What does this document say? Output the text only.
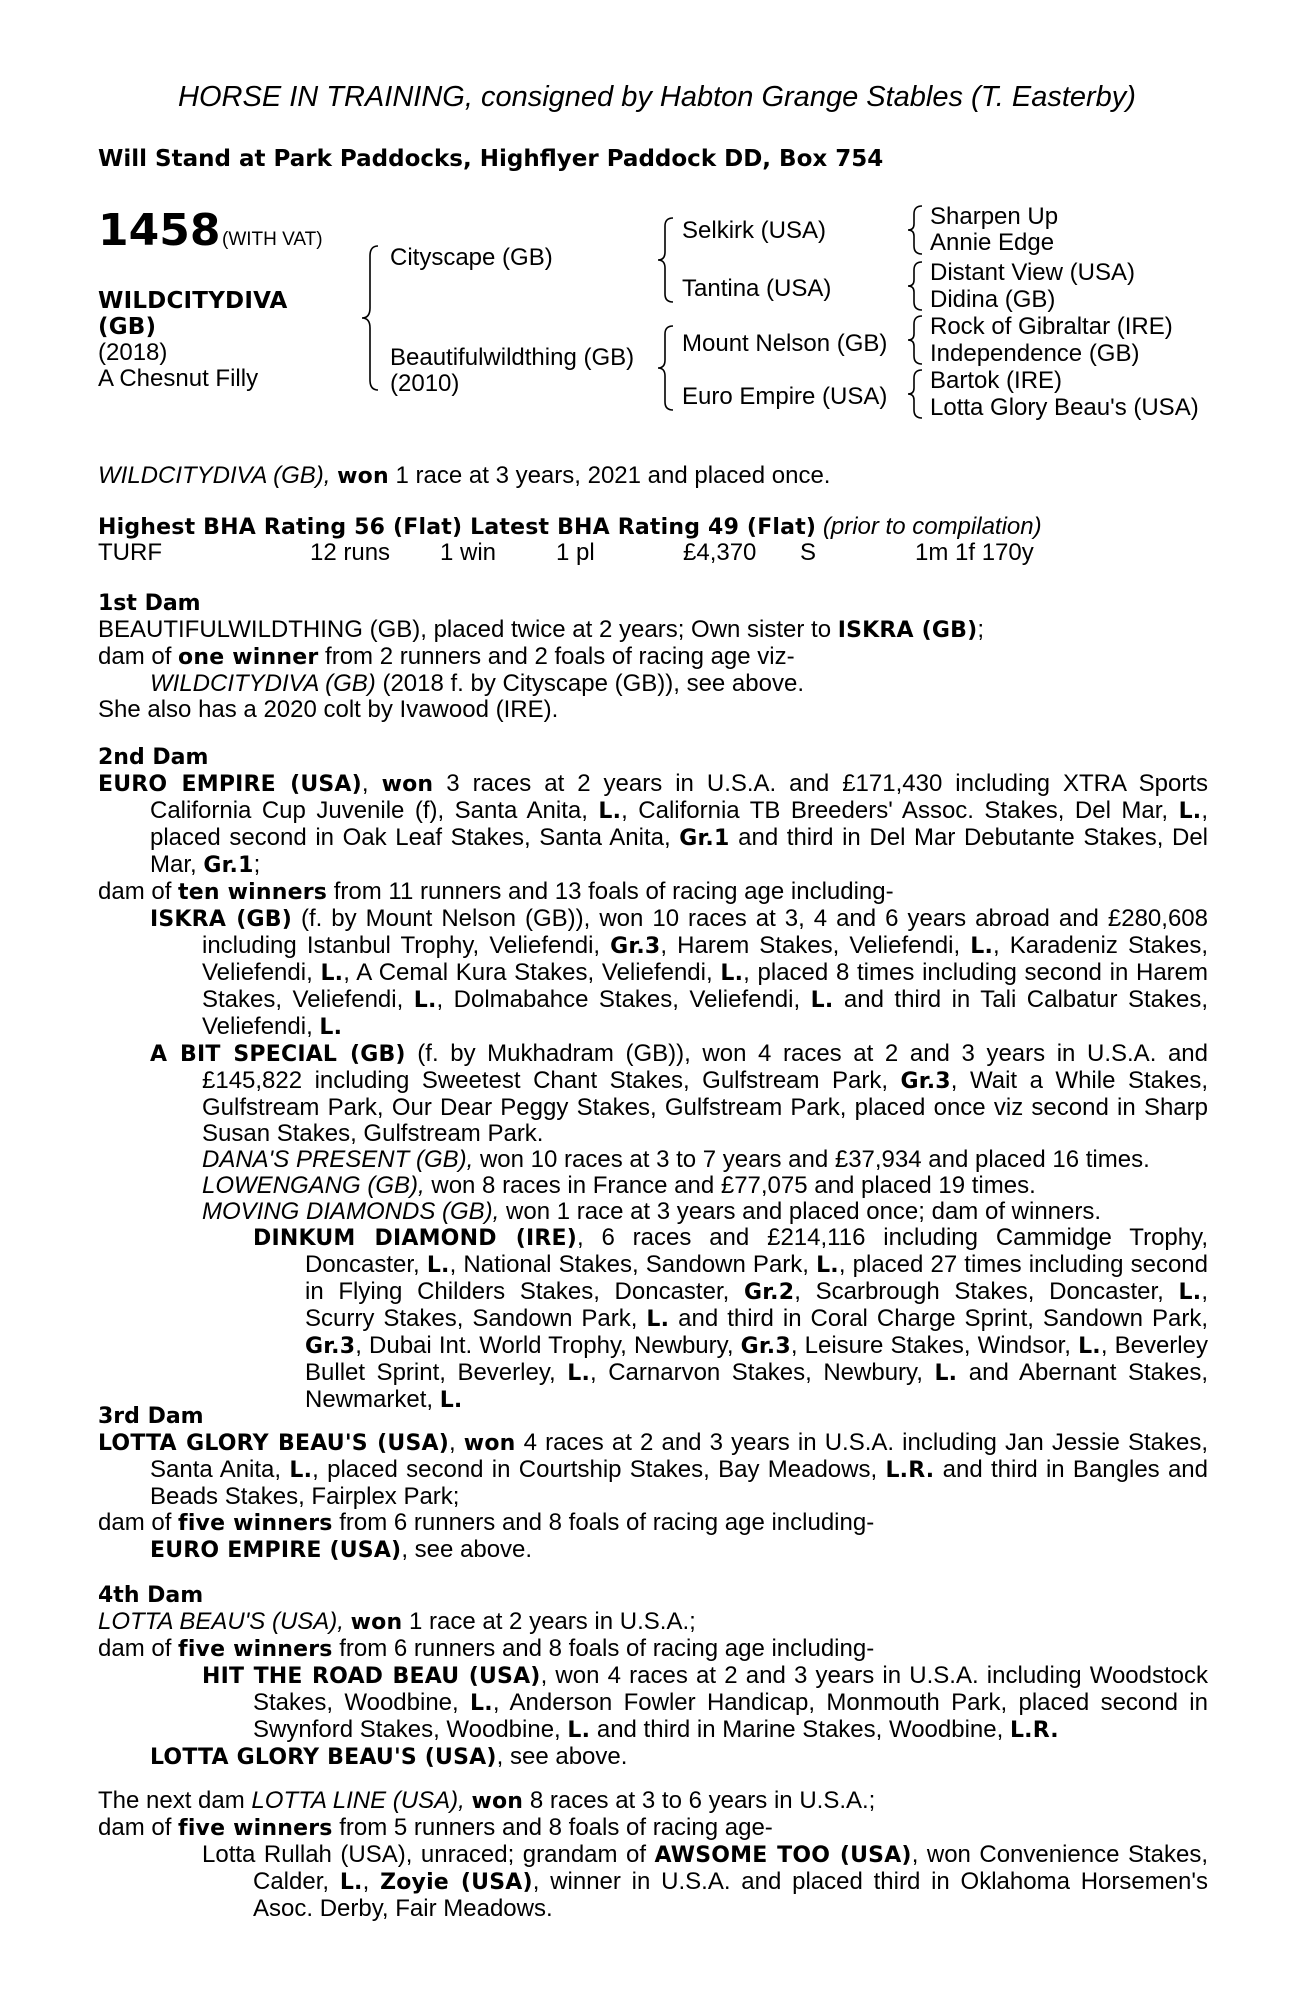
HORSE IN TRAINING, consigned by Habton Grange Stables (T. Easterby)
Will Stand at Park Paddocks, Highflyer Paddock DD, Box 754
1458 (WITH VAT)
WILDCITYDIVA
(GB)
(2018)
A Chesnut Filly
Cityscape (GB)
Beautifulwildthing (GB)
(2010)
Selkirk (USA)
Tantina (USA)
Mount Nelson (GB)
Euro Empire (USA)
Sharpen Up
Annie Edge
Distant View (USA)
Didina (GB)
Rock of Gibraltar (IRE)
Independence (GB)
Bartok (IRE)
Lotta Glory Beau's (USA)
WILDCITYDIVA (GB), won 1 race at 3 years, 2021 and placed once.
Highest BHA Rating 56 (Flat) Latest BHA Rating 49 (Flat) (prior to compilation)
TURF	12 runs 1 win 1 pl	£4,370 S	1m 1f 170y
1st Dam
BEAUTIFULWILDTHING (GB), placed twice at 2 years; Own sister to ISKRA (GB);
dam of one winner from 2 runners and 2 foals of racing age viz-
WILDCITYDIVA (GB) (2018 f. by Cityscape (GB)), see above.
She also has a 2020 colt by Ivawood (IRE).
2nd Dam
EURO EMPIRE (USA), won 3 races at 2 years in U.S.A. and £171,430 including XTRA Sports California Cup Juvenile (f), Santa Anita, L., California TB Breeders' Assoc. Stakes, Del Mar, L., placed second in Oak Leaf Stakes, Santa Anita, Gr.1 and third in Del Mar Debutante Stakes, Del Mar, Gr.1;
dam of ten winners from 11 runners and 13 foals of racing age including-
ISKRA (GB) (f. by Mount Nelson (GB)), won 10 races at 3, 4 and 6 years abroad and £280,608 including Istanbul Trophy, Veliefendi, Gr.3, Harem Stakes, Veliefendi, L., Karadeniz Stakes, Veliefendi, L., A Cemal Kura Stakes, Veliefendi, L., placed 8 times including second in Harem Stakes, Veliefendi, L., Dolmabahce Stakes, Veliefendi, L. and third in Tali Calbatur Stakes, Veliefendi, L.
A BIT SPECIAL (GB) (f. by Mukhadram (GB)), won 4 races at 2 and 3 years in U.S.A. and £145,822 including Sweetest Chant Stakes, Gulfstream Park, Gr.3, Wait a While Stakes, Gulfstream Park, Our Dear Peggy Stakes, Gulfstream Park, placed once viz second in Sharp Susan Stakes, Gulfstream Park.
DANA'S PRESENT (GB), won 10 races at 3 to 7 years and £37,934 and placed 16 times.
LOWENGANG (GB), won 8 races in France and £77,075 and placed 19 times.
MOVING DIAMONDS (GB), won 1 race at 3 years and placed once; dam of winners.
DINKUM DIAMOND (IRE), 6 races and £214,116 including Cammidge Trophy, Doncaster, L., National Stakes, Sandown Park, L., placed 27 times including second in Flying Childers Stakes, Doncaster, Gr.2, Scarbrough Stakes, Doncaster, L., Scurry Stakes, Sandown Park, L. and third in Coral Charge Sprint, Sandown Park, Gr.3, Dubai Int. World Trophy, Newbury, Gr.3, Leisure Stakes, Windsor, L., Beverley Bullet Sprint, Beverley, L., Carnarvon Stakes, Newbury, L. and Abernant Stakes, Newmarket, L.
3rd Dam
LOTTA GLORY BEAU'S (USA), won 4 races at 2 and 3 years in U.S.A. including Jan Jessie Stakes, Santa Anita, L., placed second in Courtship Stakes, Bay Meadows, L.R. and third in Bangles and Beads Stakes, Fairplex Park;
dam of five winners from 6 runners and 8 foals of racing age including-
EURO EMPIRE (USA), see above.
4th Dam
LOTTA BEAU'S (USA), won 1 race at 2 years in U.S.A.;
dam of five winners from 6 runners and 8 foals of racing age including-
HIT THE ROAD BEAU (USA), won 4 races at 2 and 3 years in U.S.A. including Woodstock Stakes, Woodbine, L., Anderson Fowler Handicap, Monmouth Park, placed second in Swynford Stakes, Woodbine, L. and third in Marine Stakes, Woodbine, L.R.
LOTTA GLORY BEAU'S (USA), see above.
The next dam LOTTA LINE (USA), won 8 races at 3 to 6 years in U.S.A.;
dam of five winners from 5 runners and 8 foals of racing age-
Lotta Rullah (USA), unraced; grandam of AWSOME TOO (USA), won Convenience Stakes, Calder, L., Zoyie (USA), winner in U.S.A. and placed third in Oklahoma Horsemen's Asoc. Derby, Fair Meadows.
